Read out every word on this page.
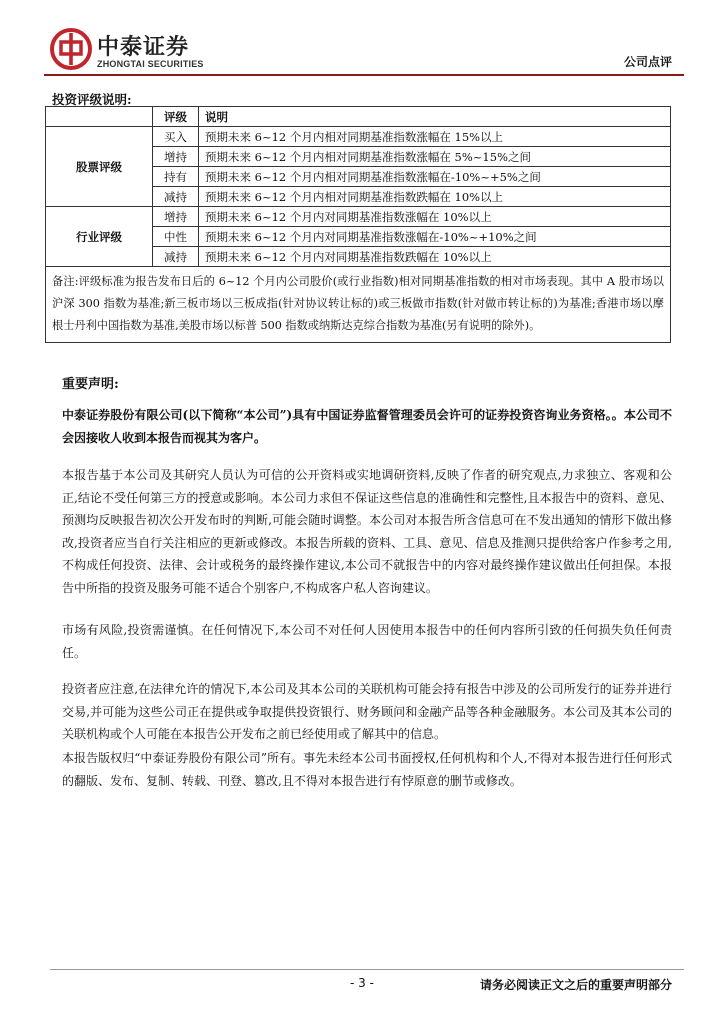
中泰证券
ZHONGTAI SECURITIES	公司点评
投资评级说明:
	评级	说明
股票评级	买入	预期未来 6~12 个月内相对同期基准指数涨幅在 15%以上
	增持	预期未来 6~12 个月内相对同期基准指数涨幅在 5%~15%之间
	持有	预期未来 6~12 个月内相对同期基准指数涨幅在-10%~+5%之间
	减持	预期未来 6~12 个月内相对同期基准指数跌幅在 10%以上
行业评级	增持	预期未来 6~12 个月内对同期基准指数涨幅在 10%以上
	中性	预期未来 6~12 个月内对同期基准指数涨幅在-10%~+10%之间
	减持	预期未来 6~12 个月内对同期基准指数跌幅在 10%以上
备注:评级标准为报告发布日后的 6~12 个月内公司股价(或行业指数)相对同期基准指数的相对市场表现。其中 A 股市场以沪深 300 指数为基准;新三板市场以三板成指(针对协议转让标的)或三板做市指数(针对做市转让标的)为基准;香港市场以摩根士丹利中国指数为基准,美股市场以标普 500 指数或纳斯达克综合指数为基准(另有说明的除外)。		
重要声明:
中泰证券股份有限公司(以下简称“本公司”)具有中国证券监督管理委员会许可的证券投资咨询业务资格。。本公司不会因接收人收到本报告而视其为客户。
本报告基于本公司及其研究人员认为可信的公开资料或实地调研资料,反映了作者的研究观点,力求独立、客观和公正,结论不受任何第三方的授意或影响。本公司力求但不保证这些信息的准确性和完整性,且本报告中的资料、意见、预测均反映报告初次公开发布时的判断,可能会随时调整。本公司对本报告所含信息可在不发出通知的情形下做出修改,投资者应当自行关注相应的更新或修改。本报告所载的资料、工具、意见、信息及推测只提供给客户作参考之用,不构成任何投资、法律、会计或税务的最终操作建议,本公司不就报告中的内容对最终操作建议做出任何担保。本报告中所指的投资及服务可能不适合个别客户,不构成客户私人咨询建议。
市场有风险,投资需谨慎。在任何情况下,本公司不对任何人因使用本报告中的任何内容所引致的任何损失负任何责任。
投资者应注意,在法律允许的情况下,本公司及其本公司的关联机构可能会持有报告中涉及的公司所发行的证券并进行交易,并可能为这些公司正在提供或争取提供投资银行、财务顾问和金融产品等各种金融服务。本公司及其本公司的关联机构或个人可能在本报告公开发布之前已经使用或了解其中的信息。
本报告版权归“中泰证券股份有限公司”所有。事先未经本公司书面授权,任何机构和个人,不得对本报告进行任何形式的翻版、发布、复制、转载、刊登、篡改,且不得对本报告进行有悖原意的删节或修改。
- 3 -	请务必阅读正文之后的重要声明部分
